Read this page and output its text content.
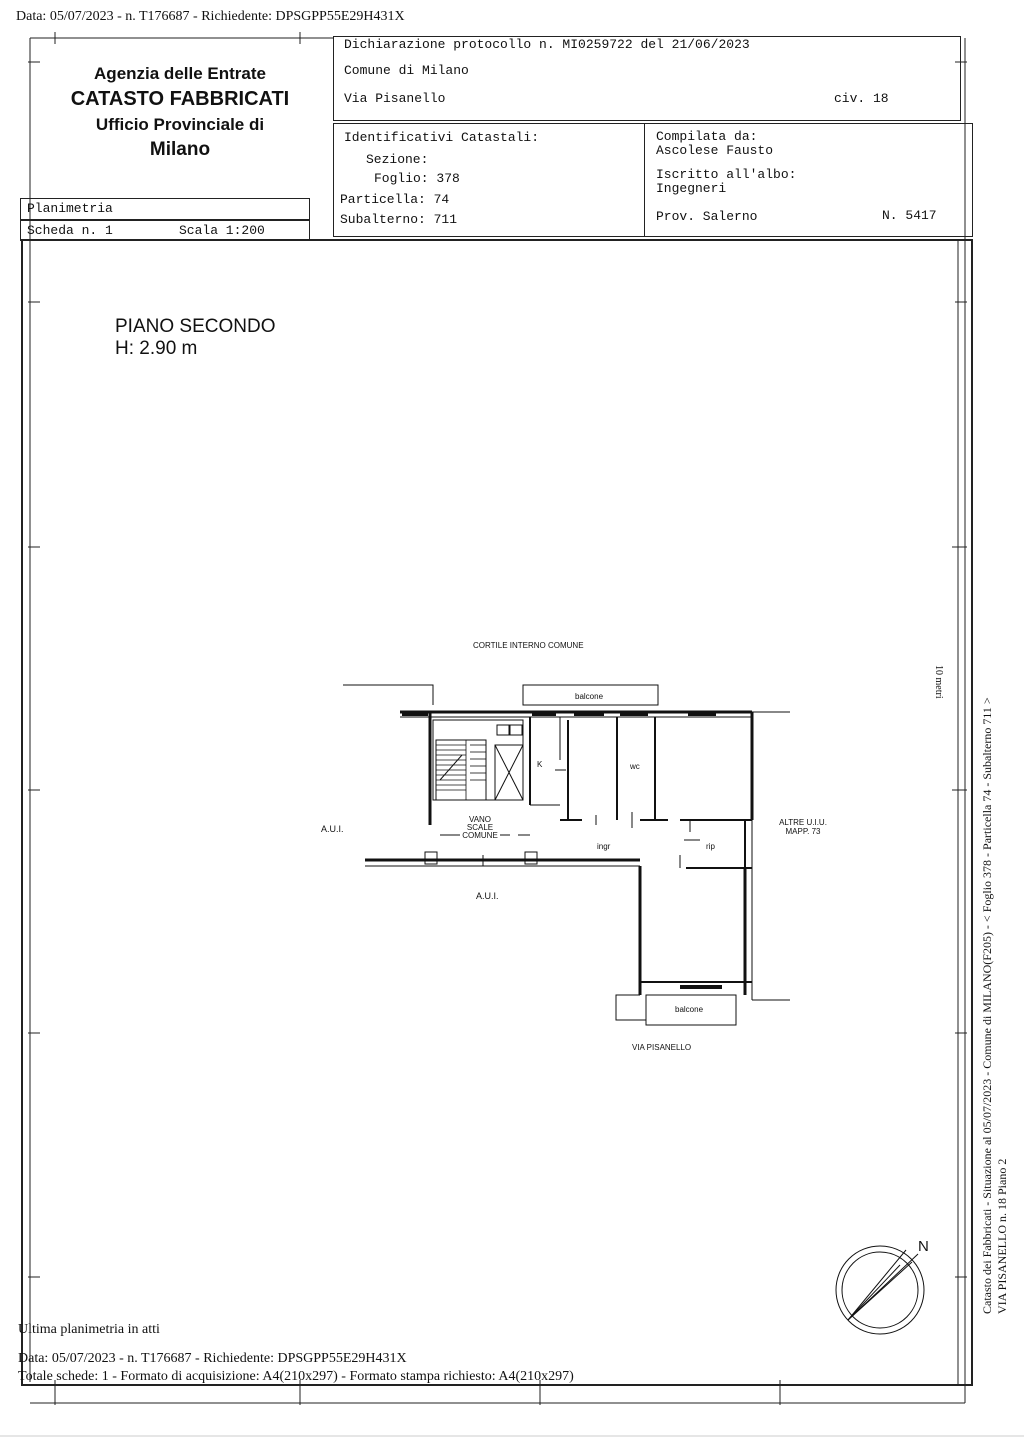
Data: 05/07/2023 - n. T176687 - Richiedente: DPSGPP55E29H431X
Agenzia delle Entrate
CATASTO FABBRICATI
Ufficio Provinciale di
Milano
Dichiarazione protocollo n. MI0259722 del 21/06/2023
Comune di Milano
Via Pisanello	civ. 18
Identificativi Catastali:
Sezione:
Foglio: 378
Particella: 74
Subalterno: 711
Compilata da:
Ascolese Fausto
Iscritto all'albo:
Ingegneri
Prov. Salerno	N. 5417
Planimetria
Scheda n. 1	Scala 1:200
PIANO SECONDO
H: 2.90 m
CORTILE INTERNO COMUNE
balcone
K	wc
VANO
SCALE
COMUNE
ingr	rip
A.U.I.
A.U.I.
ALTRE U.I.U.
MAPP. 73
balcone
VIA PISANELLO
N
10 metri
Catasto dei Fabbricati - Situazione al 05/07/2023 - Comune di MILANO(F205) - < Foglio 378 - Particella 74 - Subalterno 711 > VIA PISANELLO n. 18 Piano 2
Ultima planimetria in atti
Data: 05/07/2023 - n. T176687 - Richiedente: DPSGPP55E29H431X
Totale schede: 1 - Formato di acquisizione: A4(210x297) - Formato stampa richiesto: A4(210x297)
